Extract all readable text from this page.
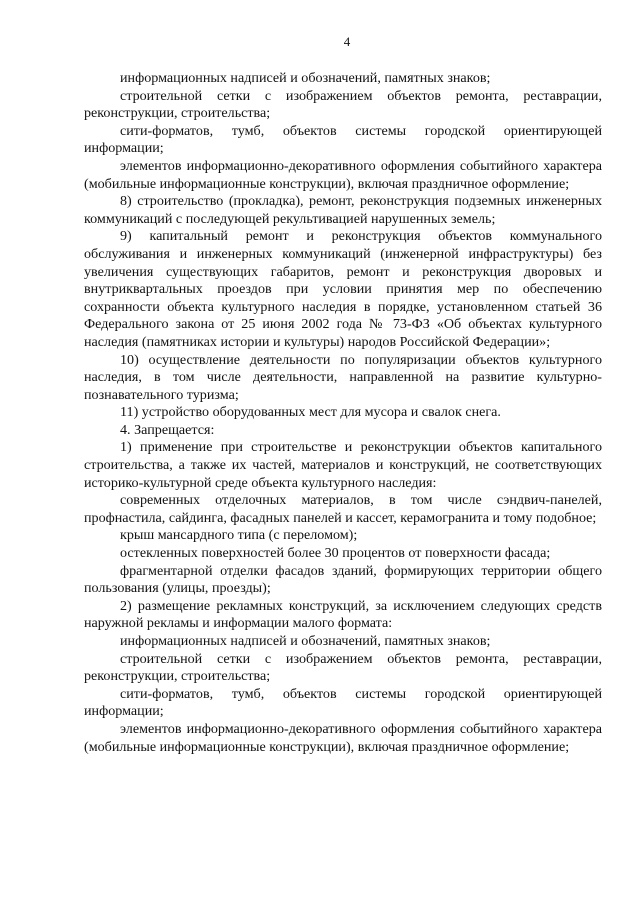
4

информационных надписей и обозначений, памятных знаков;

строительной сетки с изображением объектов ремонта, реставрации, реконструкции, строительства;

сити-форматов, тумб, объектов системы городской ориентирующей информации;

элементов информационно-декоративного оформления событийного характера (мобильные информационные конструкции), включая праздничное оформление;

8) строительство (прокладка), ремонт, реконструкция подземных инженерных коммуникаций с последующей рекультивацией нарушенных земель;

9) капитальный ремонт и реконструкция объектов коммунального обслуживания и инженерных коммуникаций (инженерной инфраструктуры) без увеличения существующих габаритов, ремонт и реконструкция дворовых и внутриквартальных проездов при условии принятия мер по обеспечению сохранности объекта культурного наследия в порядке, установленном статьей 36 Федерального закона от 25 июня 2002 года № 73-ФЗ «Об объектах культурного наследия (памятниках истории и культуры) народов Российской Федерации»;

10) осуществление деятельности по популяризации объектов культурного наследия, в том числе деятельности, направленной на развитие культурно-познавательного туризма;

11) устройство оборудованных мест для мусора и свалок снега.

4. Запрещается:

1) применение при строительстве и реконструкции объектов капитального строительства, а также их частей, материалов и конструкций, не соответствующих историко-культурной среде объекта культурного наследия:

современных отделочных материалов, в том числе сэндвич-панелей, профнастила, сайдинга, фасадных панелей и кассет, керамогранита и тому подобное;

крыш мансардного типа (с переломом);

остекленных поверхностей более 30 процентов от поверхности фасада;

фрагментарной отделки фасадов зданий, формирующих территории общего пользования (улицы, проезды);

2) размещение рекламных конструкций, за исключением следующих средств наружной рекламы и информации малого формата:

информационных надписей и обозначений, памятных знаков;

строительной сетки с изображением объектов ремонта, реставрации, реконструкции, строительства;

сити-форматов, тумб, объектов системы городской ориентирующей информации;

элементов информационно-декоративного оформления событийного характера (мобильные информационные конструкции), включая праздничное оформление;
